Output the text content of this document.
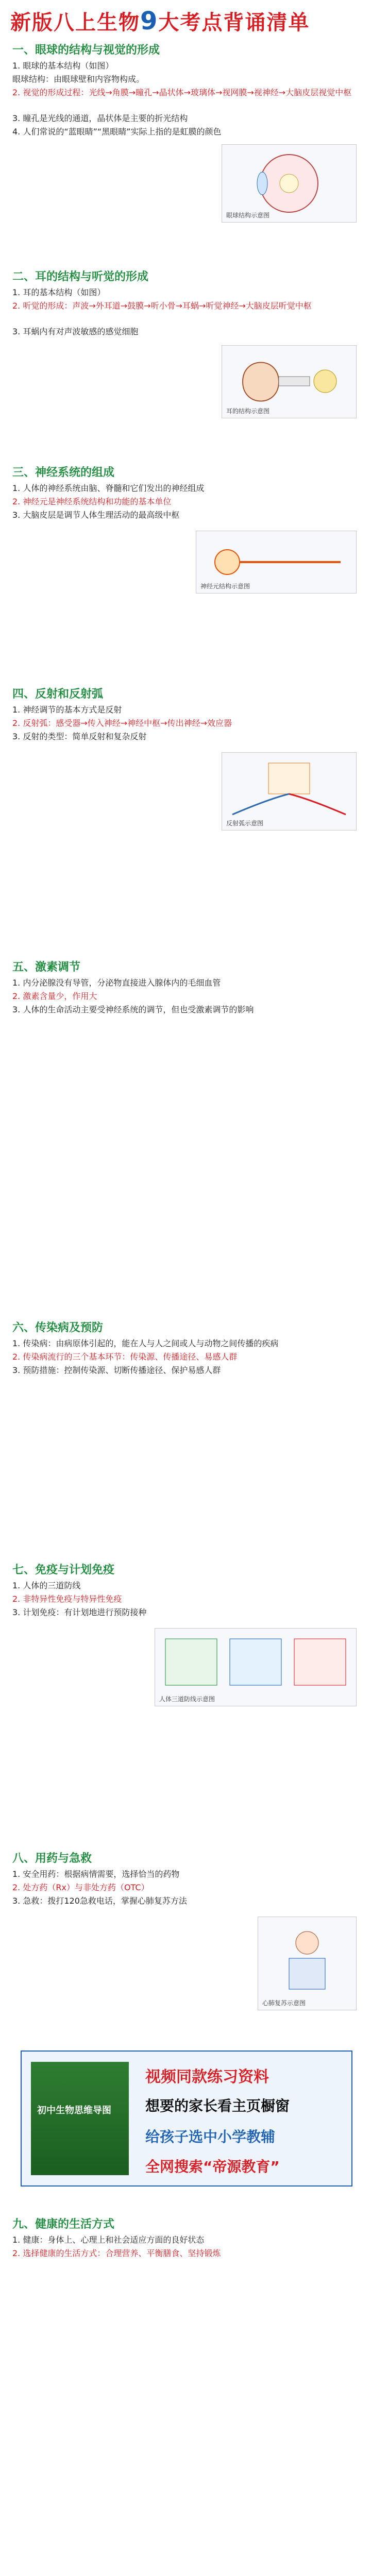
新版八上生物9大考点背诵清单
一、眼球的结构与视觉的形成
1. 眼球的基本结构（如图）
眼球结构：由眼球壁和内容物构成。
2. 视觉的形成过程：光线→角膜→瞳孔→晶状体→玻璃体→视网膜→视神经→大脑皮层视觉中枢
3. 瞳孔是光线的通道，晶状体是主要的折光结构
4. 人们常说的“蓝眼睛”“黑眼睛”实际上指的是虹膜的颜色
眼球结构示意图
二、耳的结构与听觉的形成
1. 耳的基本结构（如图）
2. 听觉的形成：声波→外耳道→鼓膜→听小骨→耳蜗→听觉神经→大脑皮层听觉中枢
3. 耳蜗内有对声波敏感的感觉细胞
耳的结构示意图
三、神经系统的组成
1. 人体的神经系统由脑、脊髓和它们发出的神经组成
2. 神经元是神经系统结构和功能的基本单位
3. 大脑皮层是调节人体生理活动的最高级中枢
神经元结构示意图
四、反射和反射弧
1. 神经调节的基本方式是反射
2. 反射弧：感受器→传入神经→神经中枢→传出神经→效应器
3. 反射的类型：简单反射和复杂反射
反射弧示意图
五、激素调节
1. 内分泌腺没有导管，分泌物直接进入腺体内的毛细血管
2. 激素含量少，作用大
3. 人体的生命活动主要受神经系统的调节，但也受激素调节的影响
六、传染病及预防
1. 传染病：由病原体引起的，能在人与人之间或人与动物之间传播的疾病
2. 传染病流行的三个基本环节：传染源、传播途径、易感人群
3. 预防措施：控制传染源、切断传播途径、保护易感人群
七、免疫与计划免疫
1. 人体的三道防线
2. 非特异性免疫与特异性免疫
3. 计划免疫：有计划地进行预防接种
人体三道防线示意图
八、用药与急救
1. 安全用药：根据病情需要，选择恰当的药物
2. 处方药（Rx）与非处方药（OTC）
3. 急救：拨打120急救电话，掌握心肺复苏方法
心肺复苏示意图
初中生物思维导图
视频同款练习资料
想要的家长看主页橱窗
给孩子选中小学教辅
全网搜索“帝源教育”
九、健康的生活方式
1. 健康：身体上、心理上和社会适应方面的良好状态
2. 选择健康的生活方式：合理营养、平衡膳食、坚持锻炼
